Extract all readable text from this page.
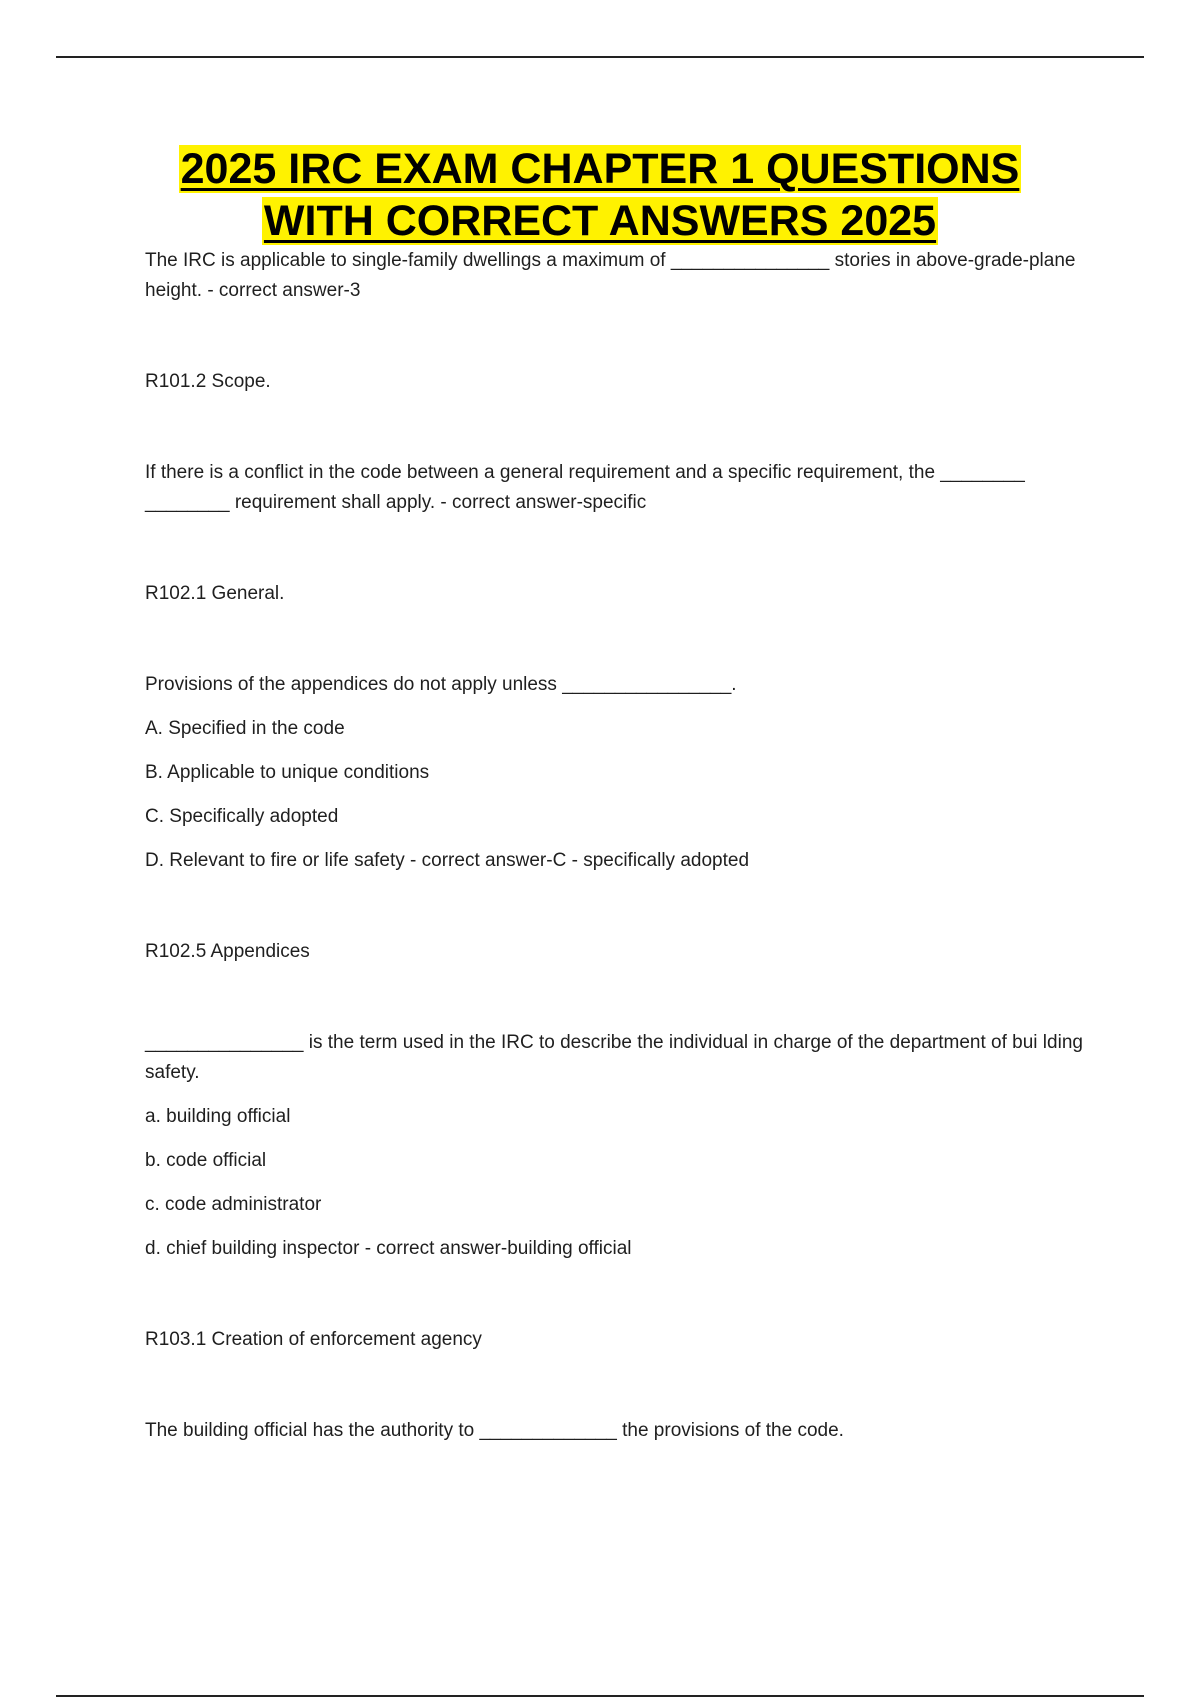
2025 IRC EXAM CHAPTER 1 QUESTIONS
WITH CORRECT ANSWERS 2025

The IRC is applicable to single-family dwellings a maximum of _______________ stories in above-grade-plane height. - correct answer-3

R101.2 Scope.

If there is a conflict in the code between a general requirement and a specific requirement, the ________ ________ requirement shall apply. - correct answer-specific

R102.1 General.

Provisions of the appendices do not apply unless ________________.

A. Specified in the code

B. Applicable to unique conditions

C. Specifically adopted

D. Relevant to fire or life safety - correct answer-C - specifically adopted

R102.5 Appendices

_______________ is the term used in the IRC to describe the individual in charge of the department of bui lding safety.

a. building official

b. code official

c. code administrator

d. chief building inspector - correct answer-building official

R103.1 Creation of enforcement agency

The building official has the authority to _____________ the provisions of the code.
